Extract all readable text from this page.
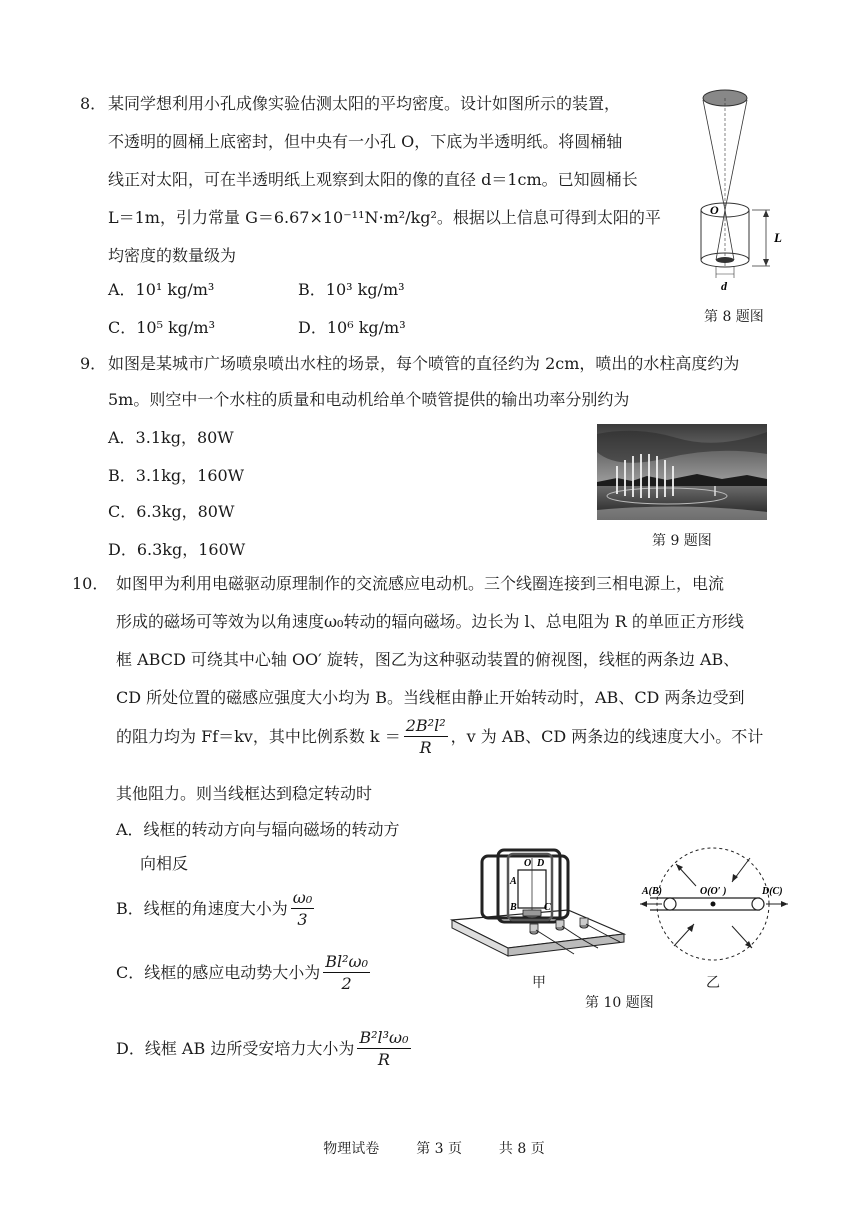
8． 某同学想利用小孔成像实验估测太阳的平均密度。设计如图所示的装置，
不透明的圆桶上底密封，但中央有一小孔 O，下底为半透明纸。将圆桶轴
线正对太阳，可在半透明纸上观察到太阳的像的直径 d＝1cm。已知圆桶长
L＝1m，引力常量 G＝6.67×10⁻¹¹N·m²/kg²。根据以上信息可得到太阳的平
均密度的数量级为
A．10¹ kg/m³	B．10³ kg/m³
C．10⁵ kg/m³	D．10⁶ kg/m³
O
L
d
第 8 题图
9． 如图是某城市广场喷泉喷出水柱的场景，每个喷管的直径约为 2cm，喷出的水柱高度约为
5m。则空中一个水柱的质量和电动机给单个喷管提供的输出功率分别约为
A．3.1kg，80W
B．3.1kg，160W
C．6.3kg，80W
D．6.3kg，160W	第 9 题图
10． 如图甲为利用电磁驱动原理制作的交流感应电动机。三个线圈连接到三相电源上，电流
形成的磁场可等效为以角速度ω₀转动的辐向磁场。边长为 l、总电阻为 R 的单匝正方形线
框 ABCD 可绕其中心轴 OO′ 旋转，图乙为这种驱动装置的俯视图，线框的两条边 AB、
CD 所处位置的磁感应强度大小均为 B。当线框由静止开始转动时，AB、CD 两条边受到
的阻力均为 Ff＝kv，其中比例系数 $k = \frac{\text{2B²l²}}{R}$ ，v 为 AB、CD 两条边的线速度大小。不计
其他阻力。则当线框达到稳定转动时
A．线框的转动方向与辐向磁场的转动方
向相反
B．线框的角速度大小为 $\frac{\text{ω₀}}{3}$
C．线框的感应电动势大小为 $\frac{\text{Bl²ω₀}}{2}$
D．线框 AB 边所受安培力大小为 $\frac{\text{B²l³ω₀}}{R}$
A
O D
B	C
甲
A(B)	O(O′ )	D(C)
乙
第 10 题图
物理试卷	第 3 页	共 8 页
